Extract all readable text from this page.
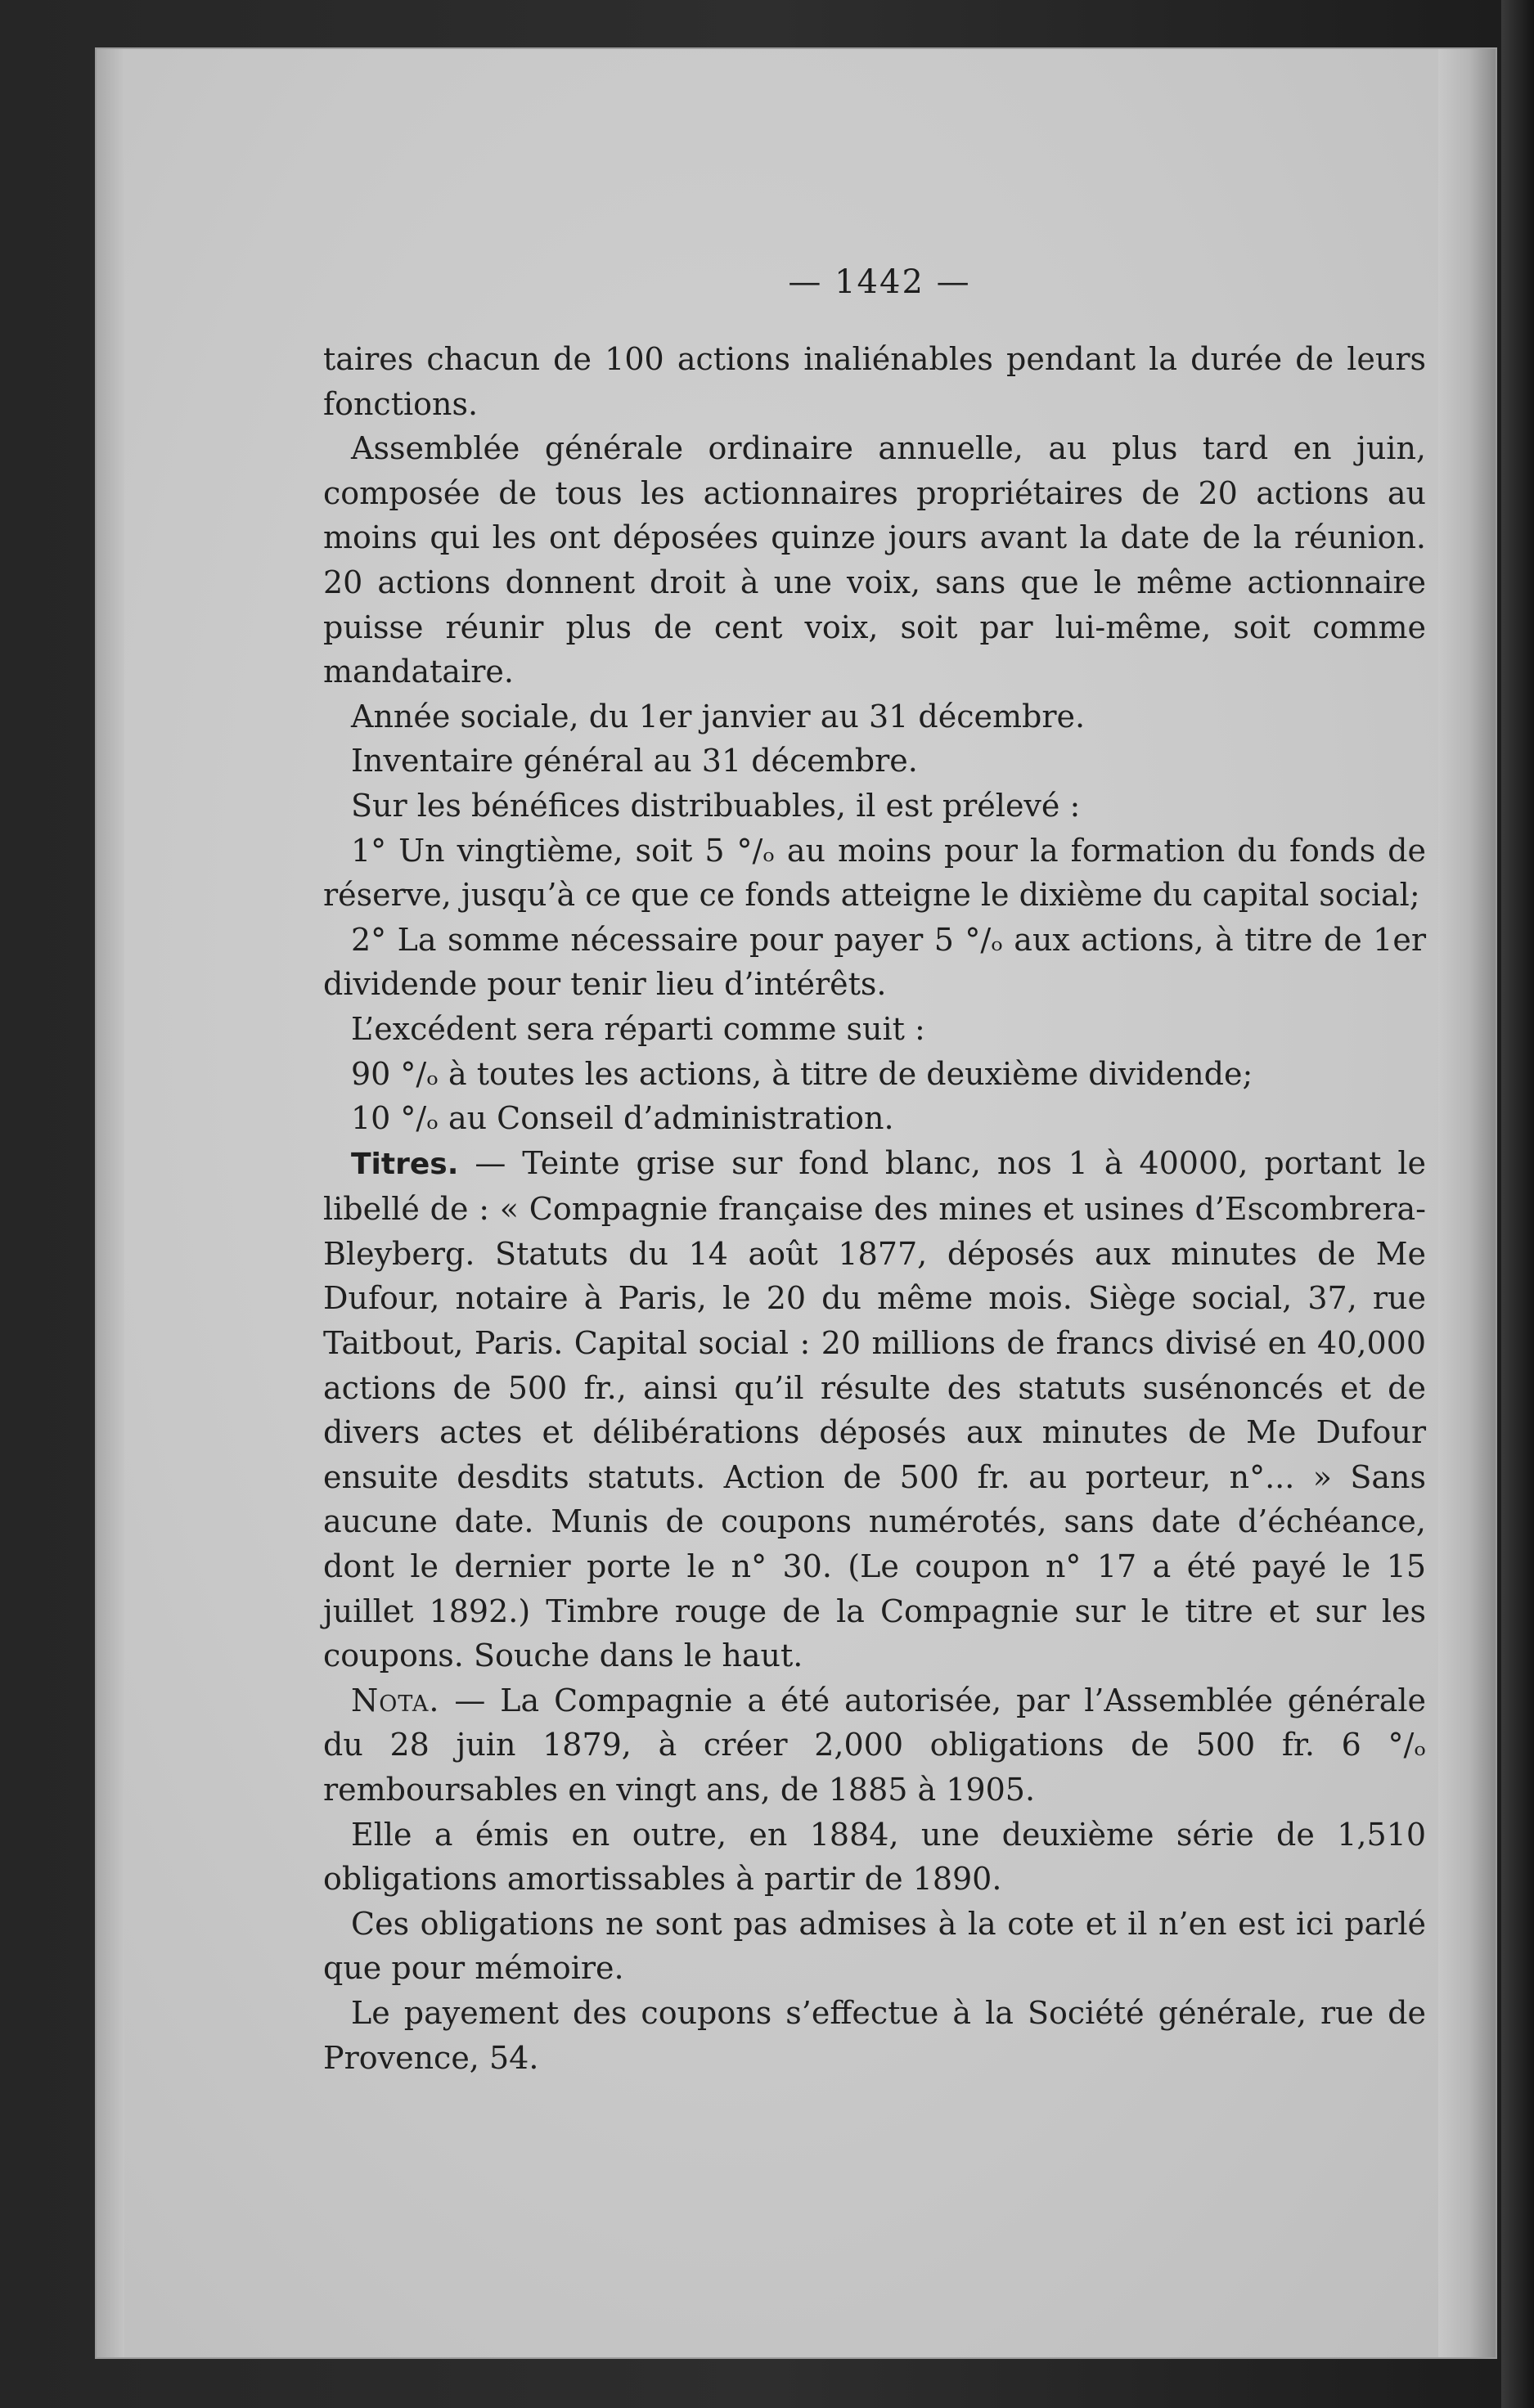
— 1442 —

taires chacun de 100 actions inaliénables pendant la durée de leurs fonctions.

Assemblée générale ordinaire annuelle, au plus tard en juin, composée de tous les actionnaires propriétaires de 20 actions au moins qui les ont déposées quinze jours avant la date de la réunion. 20 actions donnent droit à une voix, sans que le même actionnaire puisse réunir plus de cent voix, soit par lui-même, soit comme mandataire.

Année sociale, du 1er janvier au 31 décembre.

Inventaire général au 31 décembre.

Sur les bénéfices distribuables, il est prélevé :

1° Un vingtième, soit 5 °/ₒ au moins pour la formation du fonds de réserve, jusqu’à ce que ce fonds atteigne le dixième du capital social;

2° La somme nécessaire pour payer 5 °/ₒ aux actions, à titre de 1er dividende pour tenir lieu d’intérêts.

L’excédent sera réparti comme suit :

90 °/ₒ à toutes les actions, à titre de deuxième dividende;

10 °/ₒ au Conseil d’administration.

Titres. — Teinte grise sur fond blanc, nos 1 à 40000, portant le libellé de : « Compagnie française des mines et usines d’Escombrera-Bleyberg. Statuts du 14 août 1877, déposés aux minutes de Me Dufour, notaire à Paris, le 20 du même mois. Siège social, 37, rue Taitbout, Paris. Capital social : 20 millions de francs divisé en 40,000 actions de 500 fr., ainsi qu’il résulte des statuts susénoncés et de divers actes et délibérations déposés aux minutes de Me Dufour ensuite desdits statuts. Action de 500 fr. au porteur, n°... » Sans aucune date. Munis de coupons numérotés, sans date d’échéance, dont le dernier porte le n° 30. (Le coupon n° 17 a été payé le 15 juillet 1892.) Timbre rouge de la Compagnie sur le titre et sur les coupons. Souche dans le haut.

Nota. — La Compagnie a été autorisée, par l’Assemblée générale du 28 juin 1879, à créer 2,000 obligations de 500 fr. 6 °/ₒ remboursables en vingt ans, de 1885 à 1905.

Elle a émis en outre, en 1884, une deuxième série de 1,510 obligations amortissables à partir de 1890.

Ces obligations ne sont pas admises à la cote et il n’en est ici parlé que pour mémoire.

Le payement des coupons s’effectue à la Société générale, rue de Provence, 54.
